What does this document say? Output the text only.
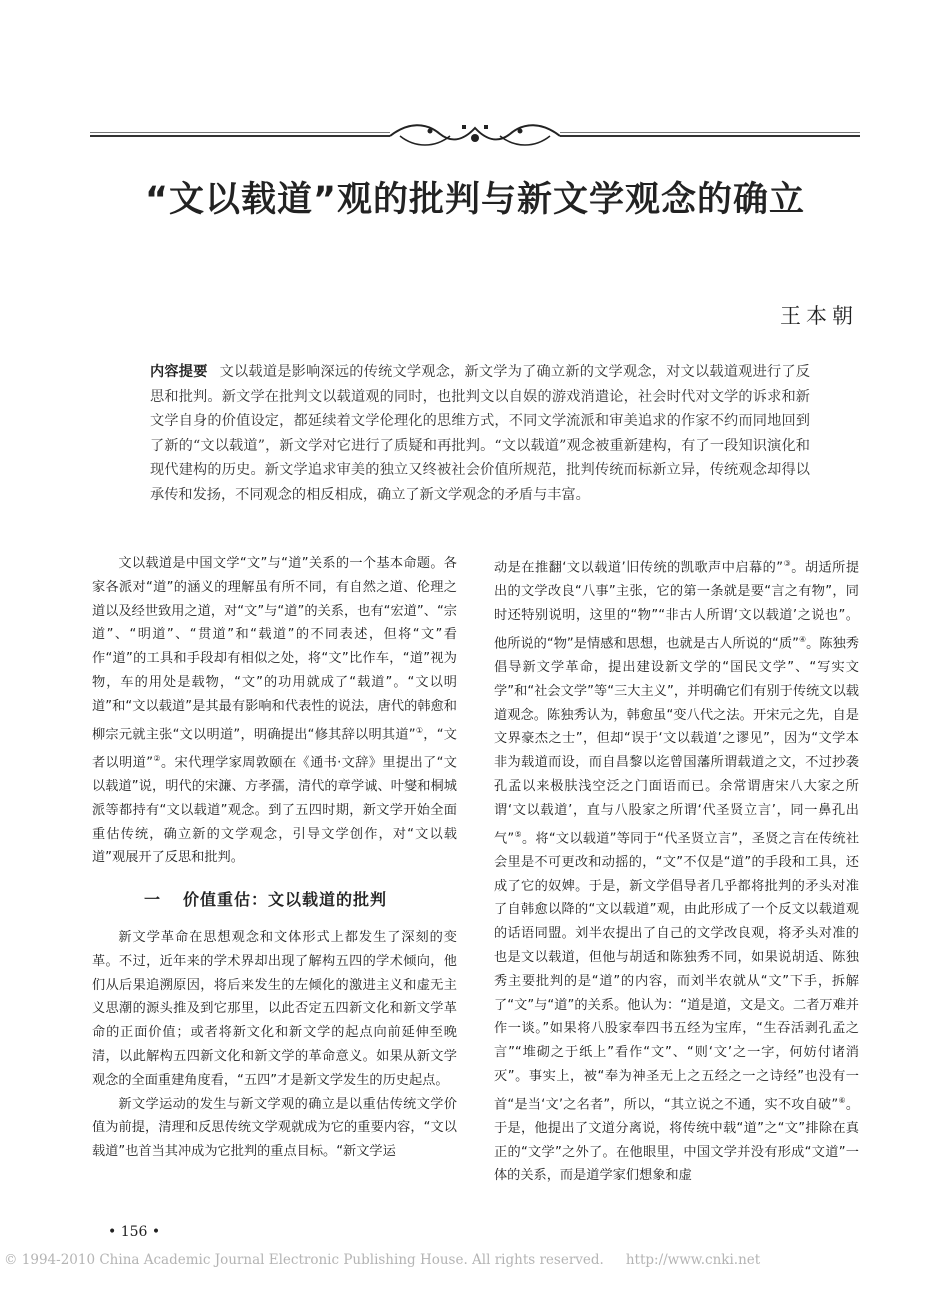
“文以载道”观的批判与新文学观念的确立
王本朝
内容提要 文以载道是影响深远的传统文学观念，新文学为了确立新的文学观念，对文以载道观进行了反思和批判。新文学在批判文以载道观的同时，也批判文以自娱的游戏消遣论，社会时代对文学的诉求和新文学自身的价值设定，都延续着文学伦理化的思维方式，不同文学流派和审美追求的作家不约而同地回到了新的“文以载道”，新文学对它进行了质疑和再批判。“文以载道”观念被重新建构，有了一段知识演化和现代建构的历史。新文学追求审美的独立又终被社会价值所规范，批判传统而标新立异，传统观念却得以承传和发扬，不同观念的相反相成，确立了新文学观念的矛盾与丰富。

文以载道是中国文学“文”与“道”关系的一个基本命题。各家各派对“道”的涵义的理解虽有所不同，有自然之道、伦理之道以及经世致用之道，对“文”与“道”的关系，也有“宏道”、“宗道”、“明道”、“贯道”和“载道”的不同表述，但将“文”看作“道”的工具和手段却有相似之处，将“文”比作车，“道”视为物，车的用处是载物，“文”的功用就成了“载道”。“文以明道”和“文以载道”是其最有影响和代表性的说法，唐代的韩愈和柳宗元就主张“文以明道”，明确提出“修其辞以明其道”①，“文者以明道”②。宋代理学家周敦颐在《通书·文辞》里提出了“文以载道”说，明代的宋濂、方孝孺，清代的章学诚、叶燮和桐城派等都持有“文以载道”观念。到了五四时期，新文学开始全面重估传统，确立新的文学观念，引导文学创作，对“文以载道”观展开了反思和批判。

一 价值重估：文以载道的批判

新文学革命在思想观念和文体形式上都发生了深刻的变革。不过，近年来的学术界却出现了解构五四的学术倾向，他们从后果追溯原因，将后来发生的左倾化的激进主义和虚无主义思潮的源头推及到它那里，以此否定五四新文化和新文学革命的正面价值；或者将新文化和新文学的起点向前延伸至晚清，以此解构五四新文化和新文学的革命意义。如果从新文学观念的全面重建角度看，“五四”才是新文学发生的历史起点。

新文学运动的发生与新文学观的确立是以重估传统文学价值为前提，清理和反思传统文学观就成为它的重要内容，“文以载道”也首当其冲成为它批判的重点目标。“新文学运

动是在推翻‘文以载道’旧传统的凯歌声中启幕的”③。胡适所提出的文学改良“八事”主张，它的第一条就是要“言之有物”，同时还特别说明，这里的“物”“非古人所谓‘文以载道’之说也”。他所说的“物”是情感和思想，也就是古人所说的“质”④。陈独秀倡导新文学革命，提出建设新文学的“国民文学”、“写实文学”和“社会文学”等“三大主义”，并明确它们有别于传统文以载道观念。陈独秀认为，韩愈虽“变八代之法。开宋元之先，自是文界豪杰之士”，但却“误于‘文以载道’之谬见”，因为“文学本非为载道而设，而自昌黎以迄曾国藩所谓载道之文，不过抄袭孔孟以来极肤浅空泛之门面语而已。余常谓唐宋八大家之所谓‘文以载道’，直与八股家之所谓‘代圣贤立言’，同一鼻孔出气”⑤。将“文以载道”等同于“代圣贤立言”，圣贤之言在传统社会里是不可更改和动摇的，“文”不仅是“道”的手段和工具，还成了它的奴婢。于是，新文学倡导者几乎都将批判的矛头对准了自韩愈以降的“文以载道”观，由此形成了一个反文以载道观的话语同盟。刘半农提出了自己的文学改良观，将矛头对准的也是文以载道，但他与胡适和陈独秀不同，如果说胡适、陈独秀主要批判的是“道”的内容，而刘半农就从“文”下手，拆解了“文”与“道”的关系。他认为：“道是道，文是文。二者万难并作一谈。”如果将八股家奉四书五经为宝库，“生吞活剥孔孟之言”“堆砌之于纸上”看作“文”、“则‘文’之一字，何妨付诸消灭”。事实上，被“奉为神圣无上之五经之一之诗经”也没有一首“是当‘文’之名者”，所以，“其立说之不通，实不攻自破”⑥。于是，他提出了文道分离说，将传统中载“道”之“文”排除在真正的“文学”之外了。在他眼里，中国文学并没有形成“文道”一体的关系，而是道学家们想象和虚

• 156 •
© 1994-2010 China Academic Journal Electronic Publishing House. All rights reserved. http://www.cnki.net
